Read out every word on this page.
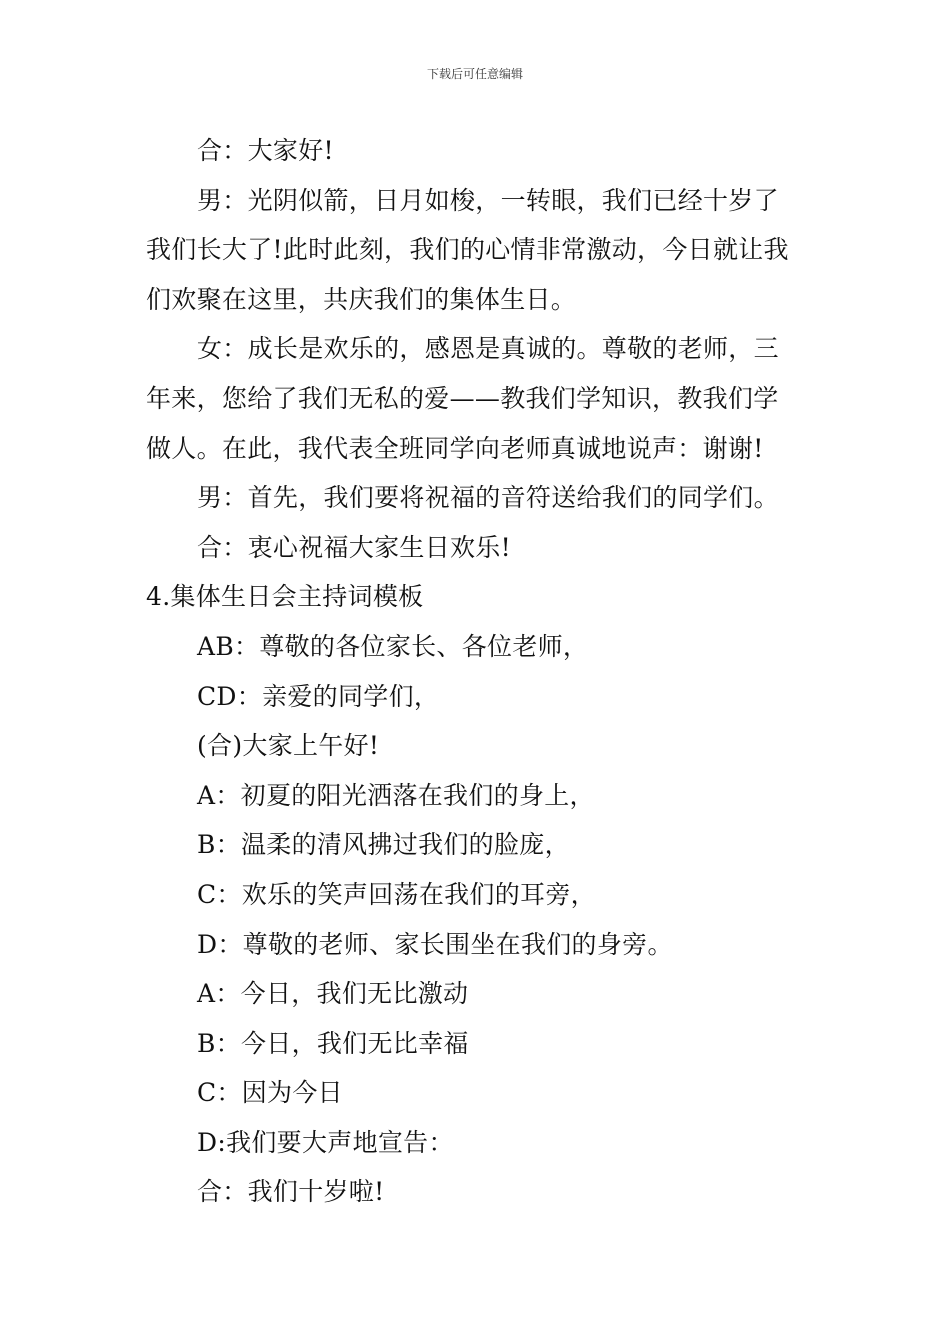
下载后可任意编辑

合：大家好!

男：光阴似箭，日月如梭，一转眼，我们已经十岁了
我们长大了!此时此刻，我们的心情非常激动，今日就让我
们欢聚在这里，共庆我们的集体生日。

女：成长是欢乐的，感恩是真诚的。尊敬的老师，三
年来，您给了我们无私的爱——教我们学知识，教我们学
做人。在此，我代表全班同学向老师真诚地说声：谢谢!

男：首先，我们要将祝福的音符送给我们的同学们。

合：衷心祝福大家生日欢乐!

4.集体生日会主持词模板

AB：尊敬的各位家长、各位老师，

CD：亲爱的同学们，

(合)大家上午好!

A：初夏的阳光洒落在我们的身上，

B：温柔的清风拂过我们的脸庞，

C：欢乐的笑声回荡在我们的耳旁，

D：尊敬的老师、家长围坐在我们的身旁。

A：今日，我们无比激动

B：今日，我们无比幸福

C：因为今日

D:我们要大声地宣告：

合：我们十岁啦!
